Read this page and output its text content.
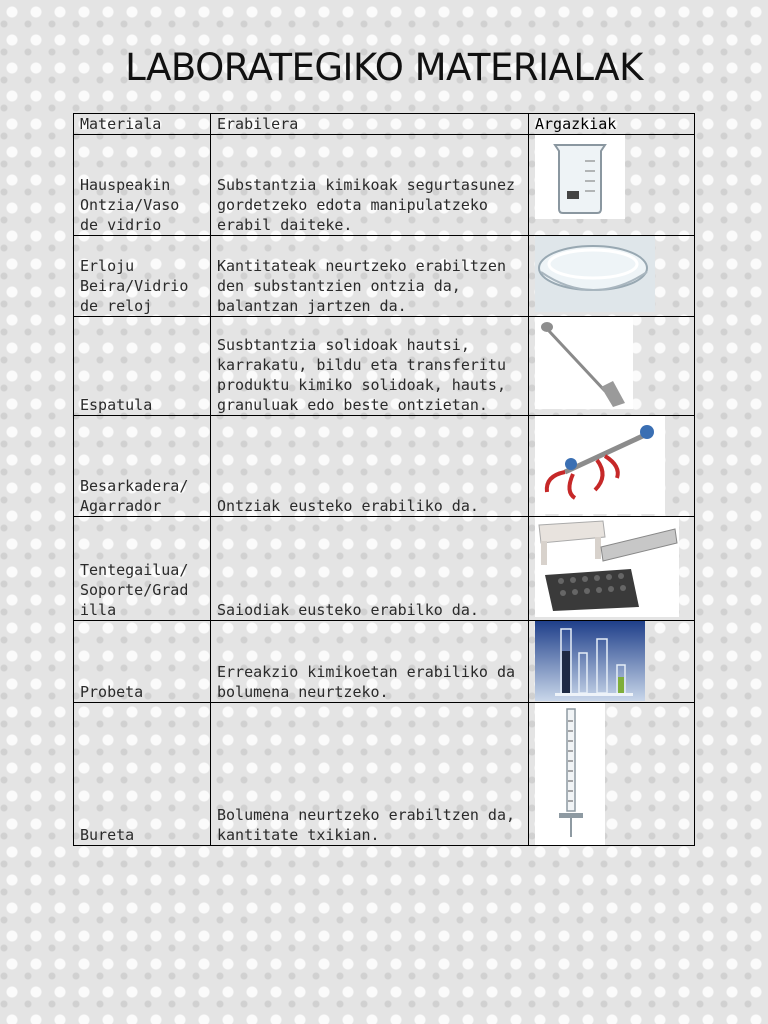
LABORATEGIKO MATERIALAK
Materiala	Erabilera	Argazkiak
Hauspeakin Ontzia/Vaso de vidrio	Substantzia kimikoak segurtasunez gordetzeko edota manipulatzeko erabil daiteke.	

Erloju Beira/Vidrio de reloj	Kantitateak neurtzeko erabiltzen den substantzien ontzia da, balantzan jartzen da.	

Espatula	Susbtantzia solidoak hautsi, karrakatu, bildu eta transferitu produktu kimiko solidoak, hauts, granuluak edo beste ontzietan.	

Besarkadera/ Agarrador	Ontziak eusteko erabiliko da.	

Tentegailua/ Soporte/Grad illa	Saiodiak eusteko erabilko da.	

Probeta	Erreakzio kimikoetan erabiliko da bolumena neurtzeko.	

Bureta	Bolumena neurtzeko erabiltzen da, kantitate txikian.	
